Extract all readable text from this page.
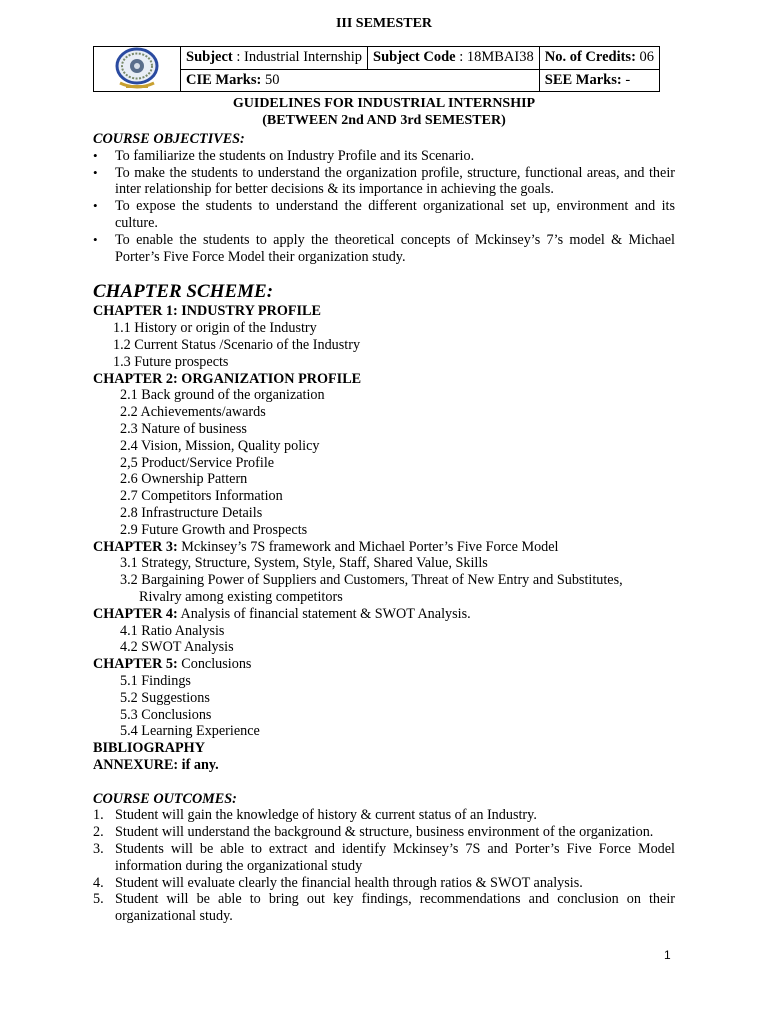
III SEMESTER
	Subject : Industrial Internship	Subject Code : 18MBAI38	No. of Credits: 06
	CIE Marks: 50		SEE Marks: -
GUIDELINES FOR INDUSTRIAL INTERNSHIP
(BETWEEN 2nd AND 3rd SEMESTER)
COURSE OBJECTIVES:
• To familiarize the students on Industry Profile and its Scenario.
• To make the students to understand the organization profile, structure, functional areas, and their inter relationship for better decisions & its importance in achieving the goals.
• To expose the students to understand the different organizational set up, environment and its culture.
• To enable the students to apply the theoretical concepts of Mckinsey’s 7’s model & Michael Porter’s Five Force Model their organization study.
CHAPTER SCHEME:
CHAPTER 1: INDUSTRY PROFILE
1.1 History or origin of the Industry
1.2 Current Status /Scenario of the Industry
1.3 Future prospects
CHAPTER 2: ORGANIZATION PROFILE
2.1 Back ground of the organization
2.2 Achievements/awards
2.3 Nature of business
2.4 Vision, Mission, Quality policy
2,5 Product/Service Profile
2.6 Ownership Pattern
2.7 Competitors Information
2.8 Infrastructure Details
2.9 Future Growth and Prospects
CHAPTER 3: Mckinsey’s 7S framework and Michael Porter’s Five Force Model
3.1 Strategy, Structure, System, Style, Staff, Shared Value, Skills
3.2 Bargaining Power of Suppliers and Customers, Threat of New Entry and Substitutes,
Rivalry among existing competitors
CHAPTER 4: Analysis of financial statement & SWOT Analysis.
4.1 Ratio Analysis
4.2 SWOT Analysis
CHAPTER 5: Conclusions
5.1 Findings
5.2 Suggestions
5.3 Conclusions
5.4 Learning Experience
BIBLIOGRAPHY
ANNEXURE: if any.
COURSE OUTCOMES:
1. Student will gain the knowledge of history & current status of an Industry.
2. Student will understand the background & structure, business environment of the organization.
3. Students will be able to extract and identify Mckinsey’s 7S and Porter’s Five Force Model information during the organizational study
4. Student will evaluate clearly the financial health through ratios & SWOT analysis.
5. Student will be able to bring out key findings, recommendations and conclusion on their organizational study.
1
